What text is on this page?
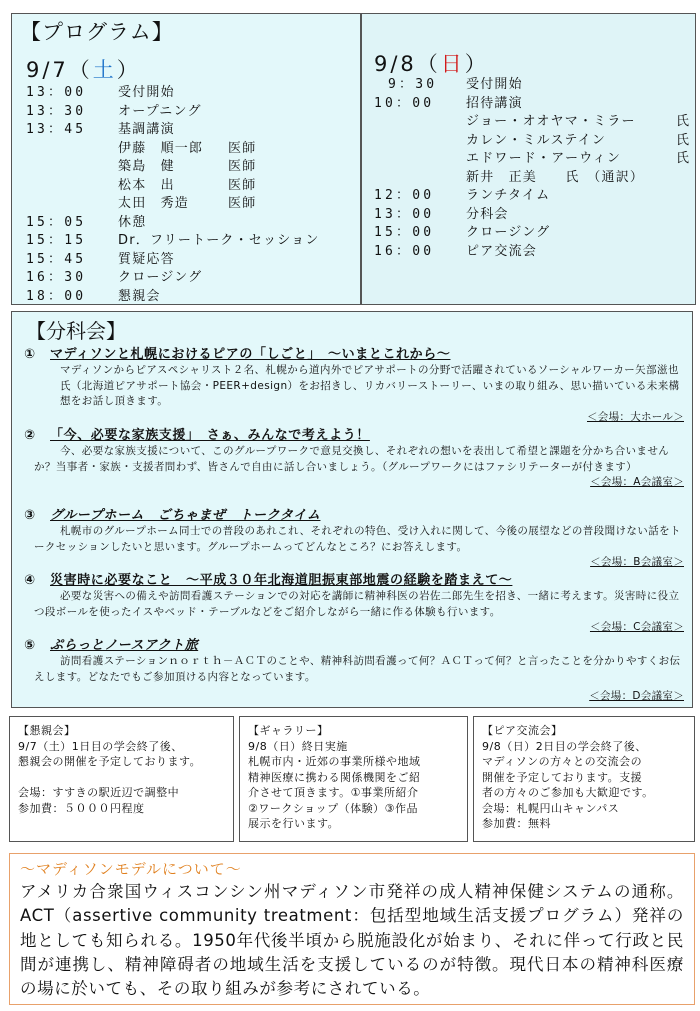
【プログラム】
9/7（土）
13：00	受付開始
13：30	オープニング
13：45	基調講演
伊藤　順一郎	医師
築島　健	医師
松本　出	医師
太田　秀造	医師
15：05	休憩
15：15	Dr．フリートーク・セッション
15：45	質疑応答
16：30	クロージング
18：00	懇親会
9/8（日）
9：30	受付開始
10：00	招待講演
ジョー・オオヤマ・ミラー	氏
カレン・ミルステイン	氏
エドワード・アーウィン	氏
新井　正美　　氏　（通訳）
12：00	ランチタイム
13：00	分科会
15：00	クロージング
16：00	ピア交流会
【分科会】
①	マディソンと札幌におけるピアの「しごと」　～いまとこれから～
マディソンからピアスペシャリスト２名、札幌から道内外でピアサポートの分野で活躍されているソーシャルワーカー矢部滋也氏（北海道ピアサポート協会・PEER+design）をお招きし、リカバリーストーリー、いまの取り組み、思い描いている未来構想をお話し頂きます。
＜会場：大ホール＞
②	「今、必要な家族支援」　さぁ、みんなで考えよう！
今、必要な家族支援について、このグループワークで意見交換し、それぞれの想いを表出して希望と課題を分かち合いませんか？当事者・家族・支援者問わず、皆さんで自由に話し合いましょう。（グループワークにはファシリテーターが付きます）
＜会場：A会議室＞
③	グループホーム　ごちゃまぜ　トークタイム
札幌市のグループホーム同士での普段のあれこれ、それぞれの特色、受け入れに関して、今後の展望などの普段聞けない話をトークセッションしたいと思います。グループホームってどんなところ？にお答えします。
＜会場：B会議室＞
④	災害時に必要なこと　～平成３０年北海道胆振東部地震の経験を踏まえて～
必要な災害への備えや訪問看護ステーションでの対応を講師に精神科医の岩佐二郎先生を招き、一緒に考えます。災害時に役立つ段ボールを使ったイスやベッド・テーブルなどをご紹介しながら一緒に作る体験も行います。
＜会場：C会議室＞
⑤	ぷらっとノースアクト旅
訪問看護ステーションｎｏｒｔｈ－ＡＣＴのことや、精神科訪問看護って何？ＡＣＴって何？と言ったことを分かりやすくお伝えします。どなたでもご参加頂ける内容となっています。
＜会場：D会議室＞
【懇親会】
9/7（土）1日目の学会終了後、
懇親会の開催を予定しております。
会場：すすきの駅近辺で調整中
参加費：５０００円程度
【ギャラリー】
9/8（日）終日実施
札幌市内・近郊の事業所様や地域
精神医療に携わる関係機関をご紹
介させて頂きます。①事業所紹介
②ワークショップ（体験）③作品
展示を行います。
【ピア交流会】
9/8（日）2日目の学会終了後、
マディソンの方々との交流会の
開催を予定しております。支援
者の方々のご参加も大歓迎です。
会場：札幌円山キャンパス
参加費：無料
～マディソンモデルについて～
アメリカ合衆国ウィスコンシン州マディソン市発祥の成人精神保健システムの通称。ACT（assertive community treatment：包括型地域生活支援プログラム）発祥の地としても知られる。1950年代後半頃から脱施設化が始まり、それに伴って行政と民間が連携し、精神障碍者の地域生活を支援しているのが特徴。現代日本の精神科医療の場に於いても、その取り組みが参考にされている。
